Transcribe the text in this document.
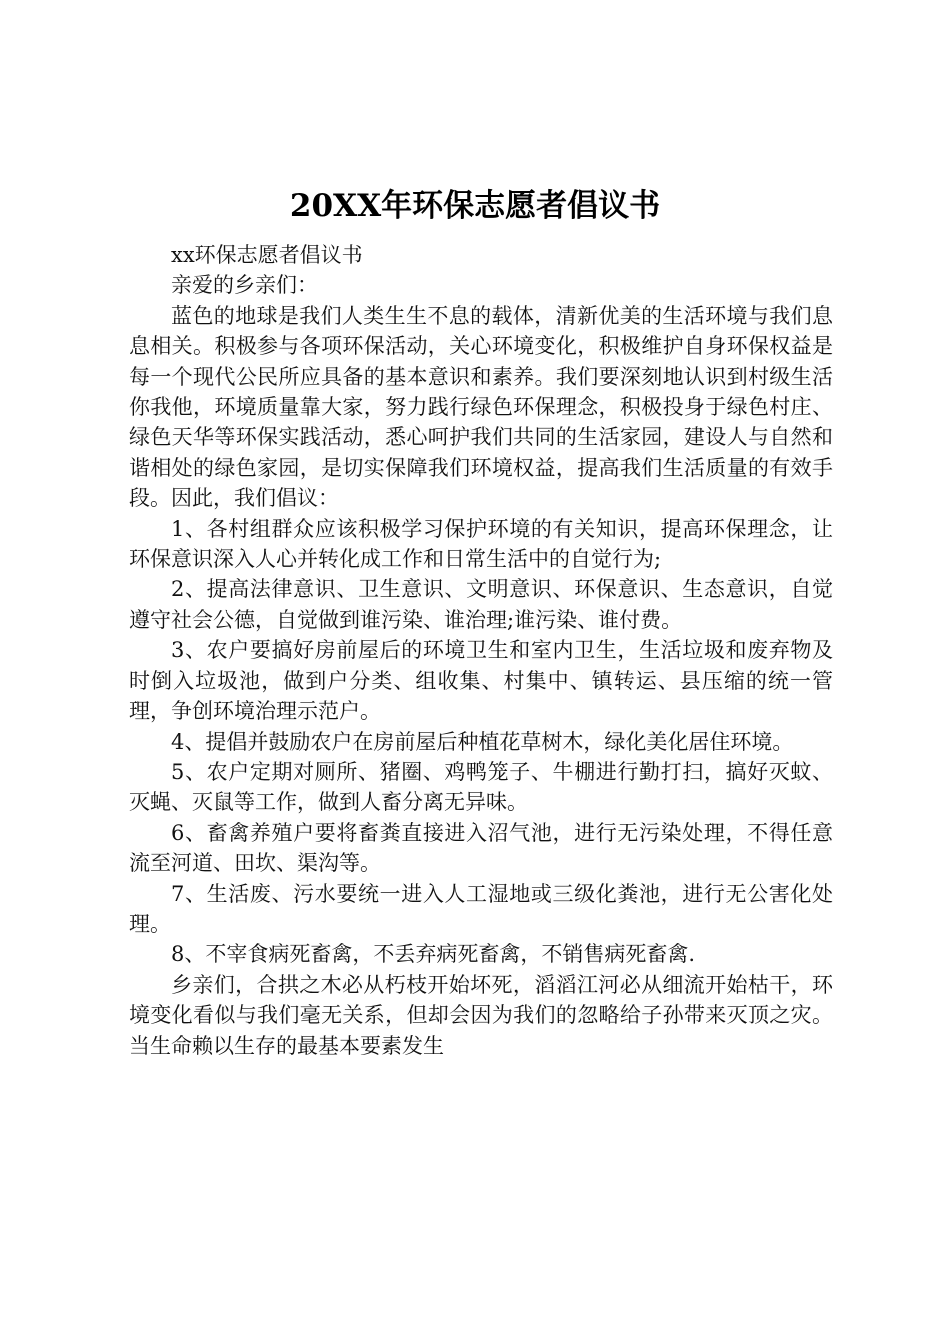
20XX年环保志愿者倡议书

xx环保志愿者倡议书

亲爱的乡亲们：

蓝色的地球是我们人类生生不息的载体，清新优美的生活环境与我们息息相关。积极参与各项环保活动，关心环境变化，积极维护自身环保权益是每一个现代公民所应具备的基本意识和素养。我们要深刻地认识到村级生活你我他，环境质量靠大家，努力践行绿色环保理念，积极投身于绿色村庄、绿色天华等环保实践活动，悉心呵护我们共同的生活家园，建设人与自然和谐相处的绿色家园，是切实保障我们环境权益，提高我们生活质量的有效手段。因此，我们倡议：

1、各村组群众应该积极学习保护环境的有关知识，提高环保理念，让环保意识深入人心并转化成工作和日常生活中的自觉行为;

2、提高法律意识、卫生意识、文明意识、环保意识、生态意识，自觉遵守社会公德，自觉做到谁污染、谁治理;谁污染、谁付费。

3、农户要搞好房前屋后的环境卫生和室内卫生，生活垃圾和废弃物及时倒入垃圾池，做到户分类、组收集、村集中、镇转运、县压缩的统一管理，争创环境治理示范户。

4、提倡并鼓励农户在房前屋后种植花草树木，绿化美化居住环境。

5、农户定期对厕所、猪圈、鸡鸭笼子、牛棚进行勤打扫，搞好灭蚊、灭蝇、灭鼠等工作，做到人畜分离无异味。

6、畜禽养殖户要将畜粪直接进入沼气池，进行无污染处理，不得任意流至河道、田坎、渠沟等。

7、生活废、污水要统一进入人工湿地或三级化粪池，进行无公害化处理。

8、不宰食病死畜禽，不丢弃病死畜禽，不销售病死畜禽.

乡亲们，合拱之木必从朽枝开始坏死，滔滔江河必从细流开始枯干，环境变化看似与我们毫无关系，但却会因为我们的忽略给子孙带来灭顶之灾。当生命赖以生存的最基本要素发生
